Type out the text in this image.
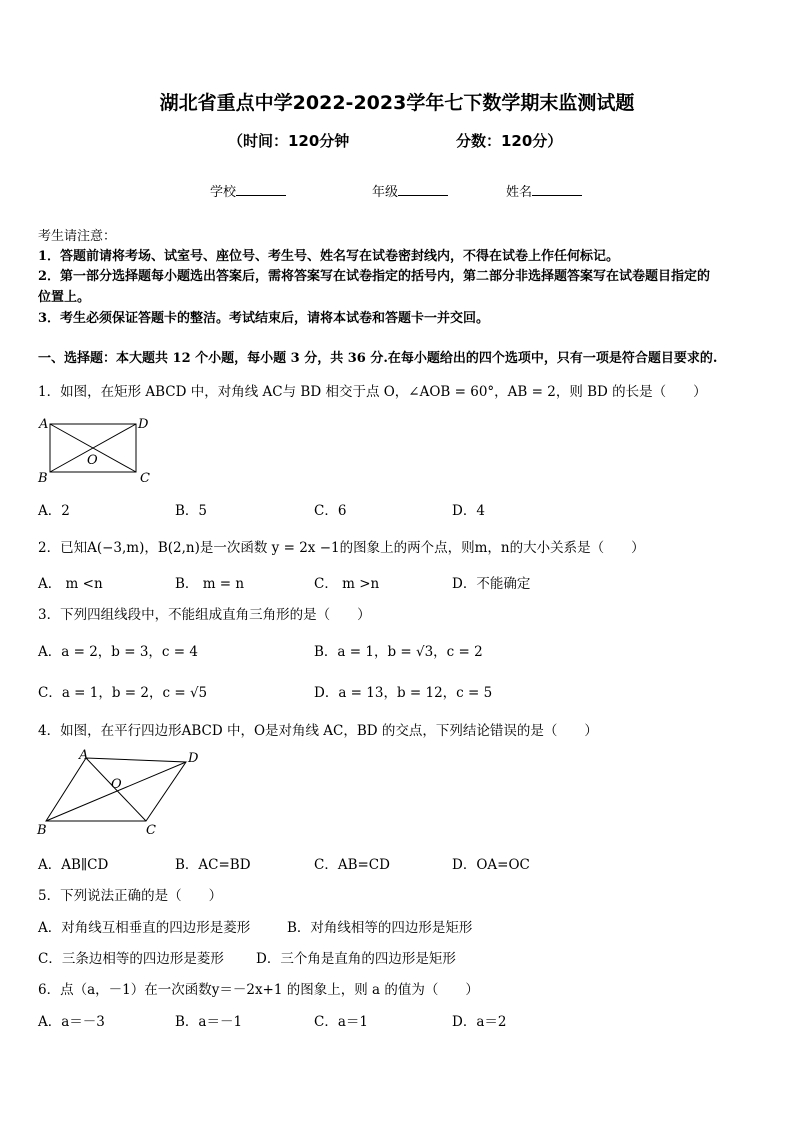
湖北省重点中学2022-2023学年七下数学期末监测试题
（时间：120分钟	分数：120分）
学校	年级	姓名
考生请注意：
1．答题前请将考场、试室号、座位号、考生号、姓名写在试卷密封线内，不得在试卷上作任何标记。
2．第一部分选择题每小题选出答案后，需将答案写在试卷指定的括号内，第二部分非选择题答案写在试卷题目指定的
位置上。
3．考生必须保证答题卡的整洁。考试结束后，请将本试卷和答题卡一并交回。
一、选择题：本大题共 12 个小题，每小题 3 分，共 36 分.在每小题给出的四个选项中，只有一项是符合题目要求的.
1．如图，在矩形 ABCD 中，对角线 AC与 BD 相交于点 O，∠AOB = 60°，AB = 2，则 BD 的长是（　　）
A	D
O
B	C
A．2	B．5	C．6	D．4
2．已知A(−3,m)，B(2,n)是一次函数 y = 2x −1的图象上的两个点，则m，n的大小关系是（　　）
A． m <n	B． m = n	C． m >n	D．不能确定
3．下列四组线段中，不能组成直角三角形的是（　　）
A．a = 2，b = 3，c = 4	B．a = 1，b = √3，c = 2
C．a = 1，b = 2，c = √5	D．a = 13，b = 12，c = 5
4．如图，在平行四边形ABCD 中，O是对角线 AC，BD 的交点，下列结论错误的是（　　）
A	D
O
B	C
A．AB∥CD	B．AC=BD	C．AB=CD	D．OA=OC
5．下列说法正确的是（　　）
A．对角线互相垂直的四边形是菱形	B．对角线相等的四边形是矩形
C．三条边相等的四边形是菱形 D．三个角是直角的四边形是矩形
6．点（a，－1）在一次函数y＝－2x+1 的图象上，则 a 的值为（　　）
A．a＝－3	B．a＝－1	C．a＝1	D．a＝2
